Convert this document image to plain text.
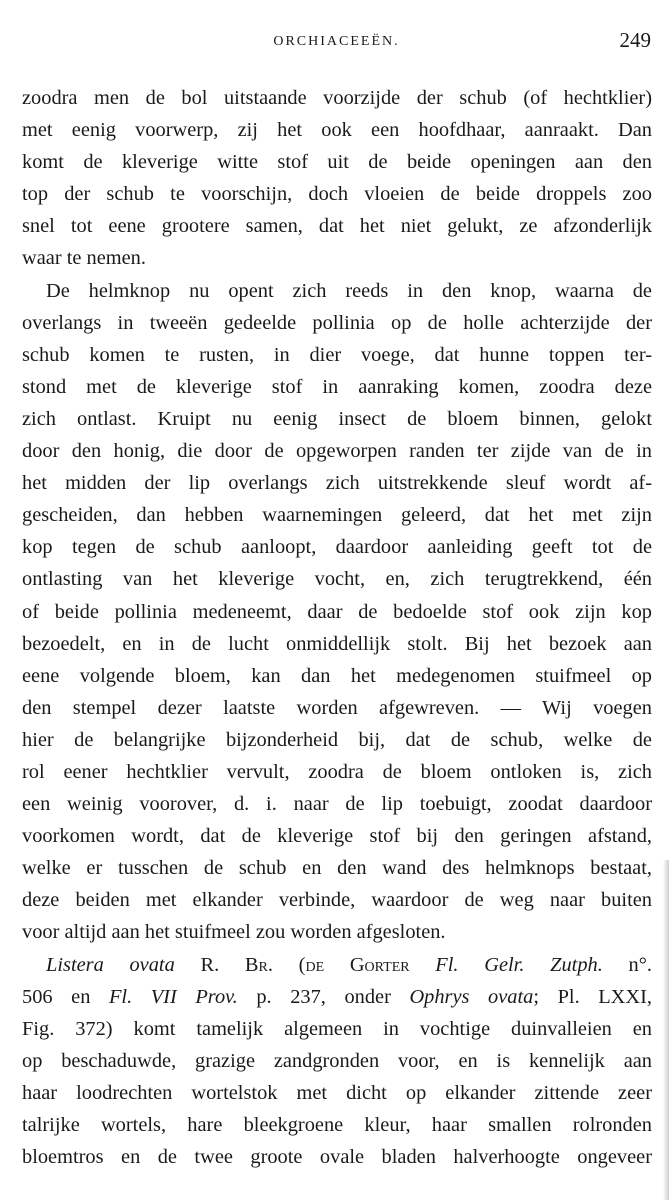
ORCHIACEEËN.	249
zoodra men de bol uitstaande voorzijde der schub (of hechtklier)
met eenig voorwerp, zij het ook een hoofdhaar, aanraakt. Dan
komt de kleverige witte stof uit de beide openingen aan den
top der schub te voorschijn, doch vloeien de beide droppels zoo
snel tot eene grootere samen, dat het niet gelukt, ze afzonderlijk
waar te nemen.
De helmknop nu opent zich reeds in den knop, waarna de
overlangs in tweeën gedeelde pollinia op de holle achterzijde der
schub komen te rusten, in dier voege, dat hunne toppen ter-
stond met de kleverige stof in aanraking komen, zoodra deze
zich ontlast. Kruipt nu eenig insect de bloem binnen, gelokt
door den honig, die door de opgeworpen randen ter zijde van de in
het midden der lip overlangs zich uitstrekkende sleuf wordt af-
gescheiden, dan hebben waarnemingen geleerd, dat het met zijn
kop tegen de schub aanloopt, daardoor aanleiding geeft tot de
ontlasting van het kleverige vocht, en, zich terugtrekkend, één
of beide pollinia medeneemt, daar de bedoelde stof ook zijn kop
bezoedelt, en in de lucht onmiddellijk stolt. Bij het bezoek aan
eene volgende bloem, kan dan het medegenomen stuifmeel op
den stempel dezer laatste worden afgewreven. — Wij voegen
hier de belangrijke bijzonderheid bij, dat de schub, welke de
rol eener hechtklier vervult, zoodra de bloem ontloken is, zich
een weinig voorover, d. i. naar de lip toebuigt, zoodat daardoor
voorkomen wordt, dat de kleverige stof bij den geringen afstand,
welke er tusschen de schub en den wand des helmknops bestaat,
deze beiden met elkander verbinde, waardoor de weg naar buiten
voor altijd aan het stuifmeel zou worden afgesloten.
Listera ovata R. Br. (de Gorter Fl. Gelr. Zutph. n°.
506 en Fl. VII Prov. p. 237, onder Ophrys ovata; Pl. LXXI,
Fig. 372) komt tamelijk algemeen in vochtige duinvalleien en
op beschaduwde, grazige zandgronden voor, en is kennelijk aan
haar loodrechten wortelstok met dicht op elkander zittende zeer
talrijke wortels, hare bleekgroene kleur, haar smallen rolronden
bloemtros en de twee groote ovale bladen halverhoogte ongeveer
